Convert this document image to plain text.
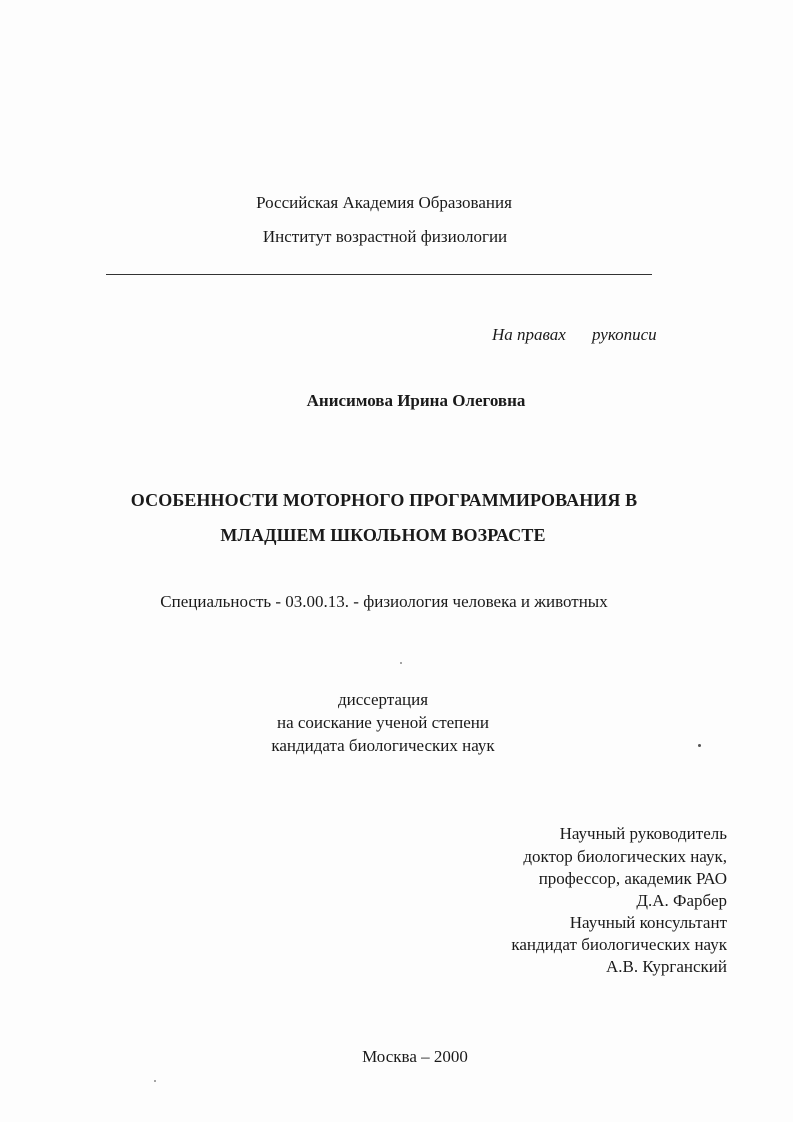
Российская Академия Образования
Институт возрастной физиологии
На правах рукописи
Анисимова Ирина Олеговна
ОСОБЕННОСТИ МОТОРНОГО ПРОГРАММИРОВАНИЯ В
МЛАДШЕМ ШКОЛЬНОМ ВОЗРАСТЕ
Специальность - 03.00.13. - физиология человека и животных
диссертация
на соискание ученой степени
кандидата биологических наук
Научный руководитель
доктор биологических наук,
профессор, академик РАО
Д.А. Фарбер
Научный консультант
кандидат биологических наук
А.В. Курганский
Москва – 2000
